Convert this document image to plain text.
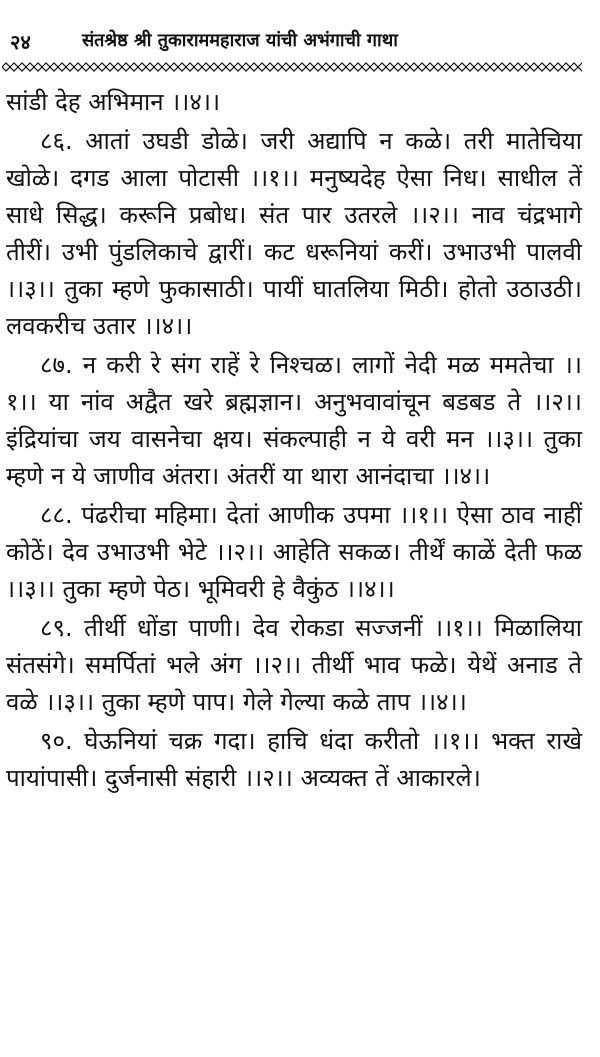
२४	संतश्रेष्ठ श्री तुकाराममहाराज यांची अभंगाची गाथा

सांडी देह अभिमान ।।४।।

८६. आतां उघडी डोळे। जरी अद्यापि न कळे। तरी मातेचिया खोळे। दगड आला पोटासी ।।१।। मनुष्यदेह ऐसा निध। साधील तें साधे सिद्ध। करूनि प्रबोध। संत पार उतरले ।।२।। नाव चंद्रभागे तीरीं। उभी पुंडलिकाचे द्वारीं। कट धरूनियां करीं। उभाउभी पालवी ।।३।। तुका म्हणे फुकासाठी। पायीं घातलिया मिठी। होतो उठाउठी। लवकरीच उतार ।।४।।

८७. न करी रे संग राहें रे निश्चळ। लागों नेदी मळ ममतेचा ।।१।। या नांव अद्वैत खरे ब्रह्मज्ञान। अनुभवावांचून बडबड ते ।।२।। इंद्रियांचा जय वासनेचा क्षय। संकल्पाही न ये वरी मन ।।३।। तुका म्हणे न ये जाणीव अंतरा। अंतरीं या थारा आनंदाचा ।।४।।

८८. पंढरीचा महिमा। देतां आणीक उपमा ।।१।। ऐसा ठाव नाहीं कोठें। देव उभाउभी भेटे ।।२।। आहेति सकळ। तीर्थें काळें देती फळ ।।३।। तुका म्हणे पेठ। भूमिवरी हे वैकुंठ ।।४।।

८९. तीर्थी धोंडा पाणी। देव रोकडा सज्जनीं ।।१।। मिळालिया संतसंगे। समर्पितां भले अंग ।।२।। तीर्थी भाव फळे। येथें अनाड ते वळे ।।३।। तुका म्हणे पाप। गेले गेल्या कळे ताप ।।४।।

९०. घेऊनियां चक्र गदा। हाचि धंदा करीतो ।।१।। भक्त राखे पायांपासी। दुर्जनासी संहारी ।।२।। अव्यक्त तें आकारले।
